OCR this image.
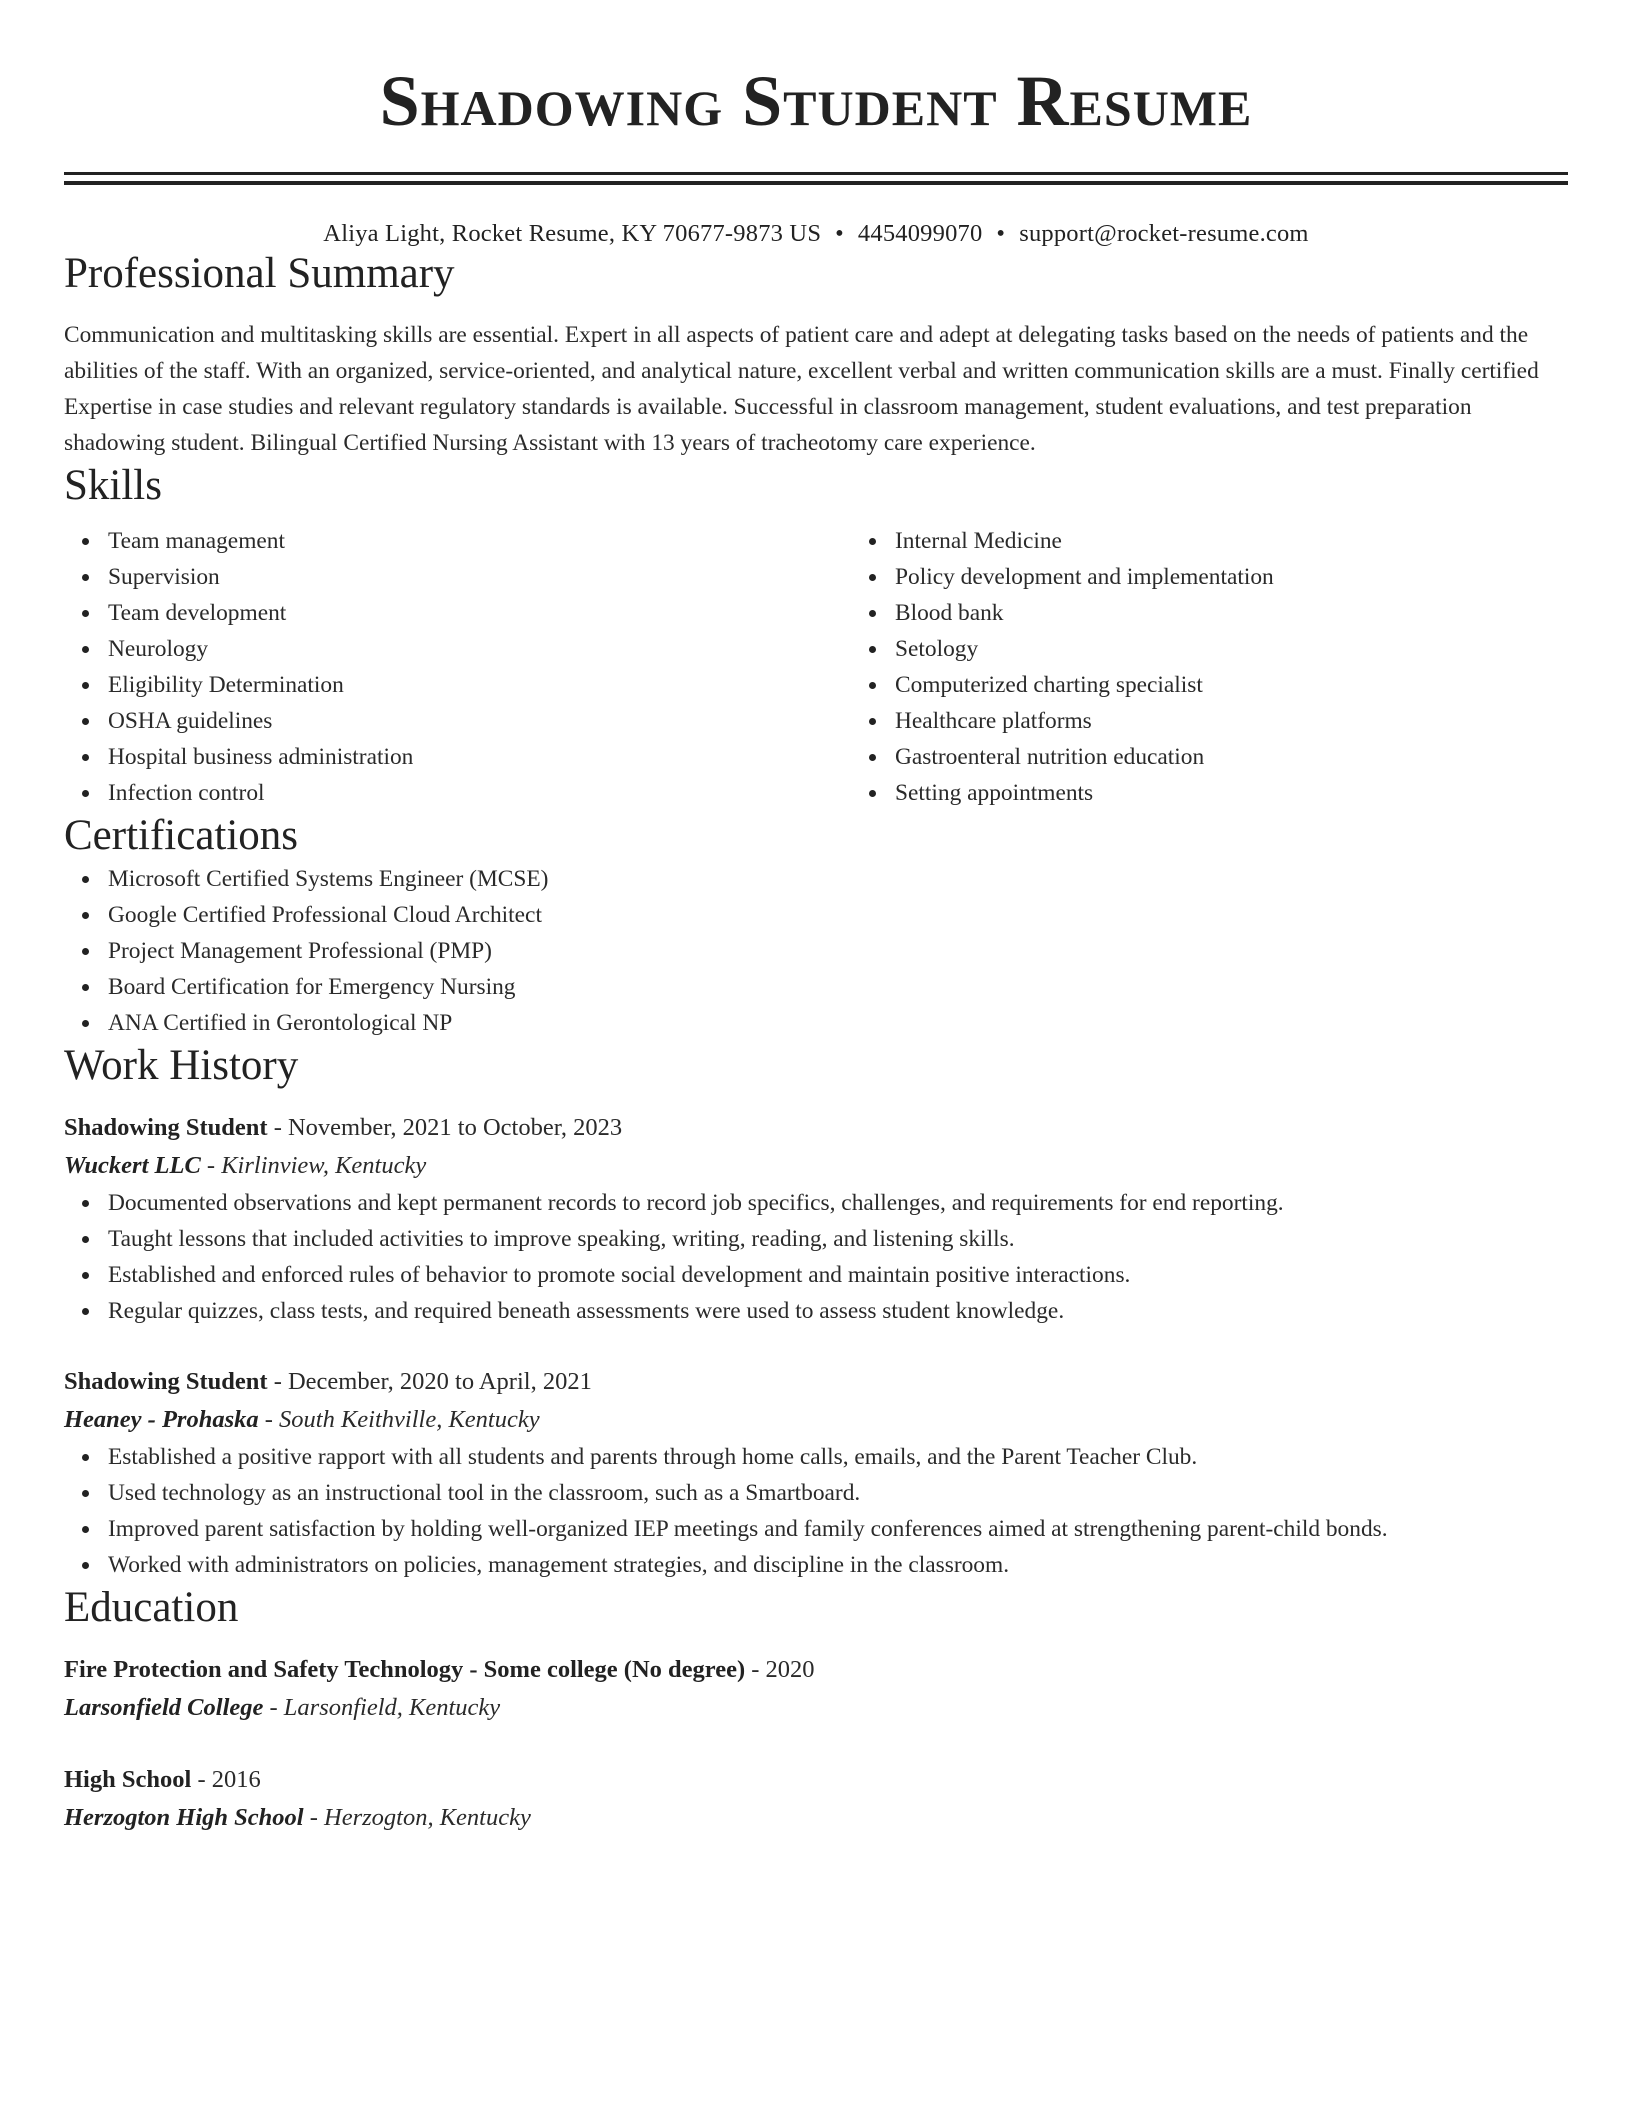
Shadowing Student Resume
Aliya Light, Rocket Resume, KY 70677-9873 US • 4454099070 • support@rocket-resume.com
Professional Summary

Communication and multitasking skills are essential. Expert in all aspects of patient care and adept at delegating tasks based on the needs of patients and the abilities of the staff. With an organized, service-oriented, and analytical nature, excellent verbal and written communication skills are a must. Finally certified Expertise in case studies and relevant regulatory standards is available. Successful in classroom management, student evaluations, and test preparation shadowing student. Bilingual Certified Nursing Assistant with 13 years of tracheotomy care experience.

Skills
Team management
Supervision
Team development
Neurology
Eligibility Determination
OSHA guidelines
Hospital business administration
Infection control
Internal Medicine
Policy development and implementation
Blood bank
Setology
Computerized charting specialist
Healthcare platforms
Gastroenteral nutrition education
Setting appointments
Certifications
Microsoft Certified Systems Engineer (MCSE)
Google Certified Professional Cloud Architect
Project Management Professional (PMP)
Board Certification for Emergency Nursing
ANA Certified in Gerontological NP
Work History
Shadowing Student - November, 2021 to October, 2023
Wuckert LLC - Kirlinview, Kentucky
Documented observations and kept permanent records to record job specifics, challenges, and requirements for end reporting.
Taught lessons that included activities to improve speaking, writing, reading, and listening skills.
Established and enforced rules of behavior to promote social development and maintain positive interactions.
Regular quizzes, class tests, and required beneath assessments were used to assess student knowledge.
Shadowing Student - December, 2020 to April, 2021
Heaney - Prohaska - South Keithville, Kentucky
Established a positive rapport with all students and parents through home calls, emails, and the Parent Teacher Club.
Used technology as an instructional tool in the classroom, such as a Smartboard.
Improved parent satisfaction by holding well-organized IEP meetings and family conferences aimed at strengthening parent-child bonds.
Worked with administrators on policies, management strategies, and discipline in the classroom.
Education
Fire Protection and Safety Technology - Some college (No degree) - 2020
Larsonfield College - Larsonfield, Kentucky
High School - 2016
Herzogton High School - Herzogton, Kentucky
